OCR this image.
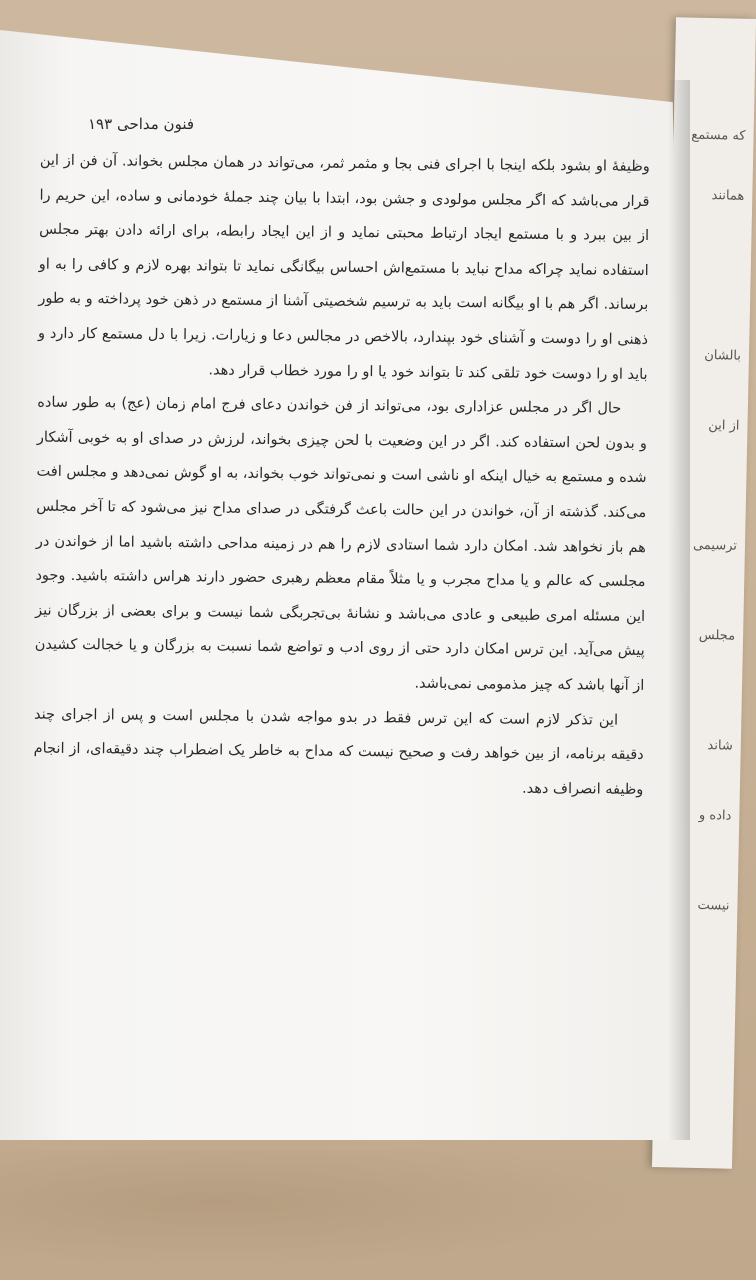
که مستمع
همانند
بالشان
از این
ترسیمی
مجلس
شاند
داده و
نیست
فنون مداحی ۱۹۳

وظیفهٔ او بشود بلکه اینجا با اجرای فنی بجا و مثمر ثمر، می‌تواند در همان مجلس بخواند. آن فن از این قرار می‌باشد که اگر مجلس مولودی و جشن بود، ابتدا با بیان چند جملهٔ خودمانی و ساده، این حریم را از بین ببرد و با مستمع ایجاد ارتباط محبتی نماید و از این ایجاد رابطه، برای ارائه دادن بهتر مجلس استفاده نماید چراکه مداح نباید با مستمع‌اش احساس بیگانگی نماید تا بتواند بهره لازم و کافی را به او برساند. اگر هم با او بیگانه است باید به ترسیم شخصیتی آشنا از مستمع در ذهن خود پرداخته و به طور ذهنی او را دوست و آشنای خود بپندارد، بالاخص در مجالس دعا و زیارات. زیرا با دل مستمع کار دارد و باید او را دوست خود تلقی کند تا بتواند خود یا او را مورد خطاب قرار دهد.

حال اگر در مجلس عزاداری بود، می‌تواند از فن خواندن دعای فرج امام زمان (عج) به طور ساده و بدون لحن استفاده کند. اگر در این وضعیت با لحن چیزی بخواند، لرزش در صدای او به خوبی آشکار شده و مستمع به خیال اینکه او ناشی است و نمی‌تواند خوب بخواند، به او گوش نمی‌دهد و مجلس افت می‌کند. گذشته از آن، خواندن در این حالت باعث گرفتگی در صدای مداح نیز می‌شود که تا آخر مجلس هم باز نخواهد شد. امکان دارد شما استادی لازم را هم در زمینه مداحی داشته باشید اما از خواندن در مجلسی که عالم و یا مداح مجرب و یا مثلاً مقام معظم رهبری حضور دارند هراس داشته باشید. وجود این مسئله امری طبیعی و عادی می‌باشد و نشانهٔ بی‌تجربگی شما نیست و برای بعضی از بزرگان نیز پیش می‌آید. این ترس امکان دارد حتی از روی ادب و تواضع شما نسبت به بزرگان و یا خجالت کشیدن از آنها باشد که چیز مذمومی نمی‌باشد.

این تذکر لازم است که این ترس فقط در بدو مواجه شدن با مجلس است و پس از اجرای چند دقیقه برنامه، از بین خواهد رفت و صحیح نیست که مداح به خاطر یک اضطراب چند دقیقه‌ای، از انجام وظیفه انصراف دهد.
